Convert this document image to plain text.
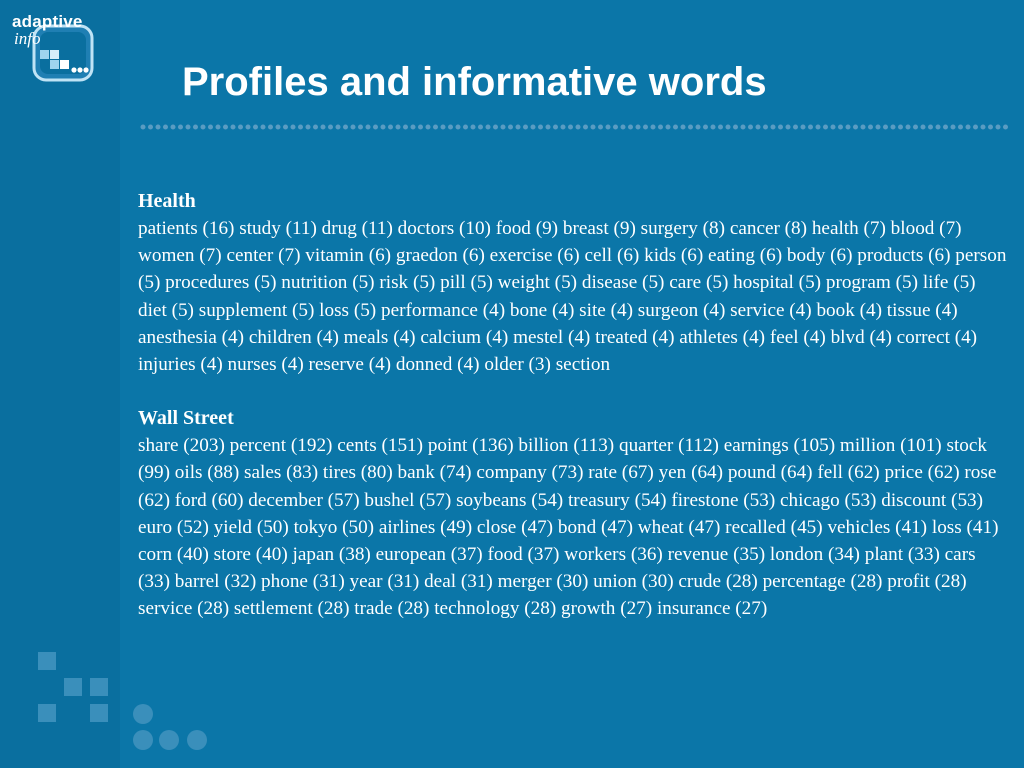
adaptive
info
Profiles and informative words

Health

patients (16) study (11) drug (11) doctors (10) food (9) breast (9) surgery (8) cancer (8) health (7) blood (7) women (7) center (7) vitamin (6) graedon (6) exercise (6) cell (6) kids (6) eating (6) body (6) products (6) person (5) procedures (5) nutrition (5) risk (5) pill (5) weight (5) disease (5) care (5) hospital (5) program (5) life (5) diet (5) supplement (5) loss (5) performance (4) bone (4) site (4) surgeon (4) service (4) book (4) tissue (4) anesthesia (4) children (4) meals (4) calcium (4) mestel (4) treated (4) athletes (4) feel (4) blvd (4) correct (4) injuries (4) nurses (4) reserve (4) donned (4) older (3) section

Wall Street

share (203) percent (192) cents (151) point (136) billion (113) quarter (112) earnings (105) million (101) stock (99) oils (88) sales (83) tires (80) bank (74) company (73) rate (67) yen (64) pound (64) fell (62) price (62) rose (62) ford (60) december (57) bushel (57) soybeans (54) treasury (54) firestone (53) chicago (53) discount (53) euro (52) yield (50) tokyo (50) airlines (49) close (47) bond (47) wheat (47) recalled (45) vehicles (41) loss (41) corn (40) store (40) japan (38) european (37) food (37) workers (36) revenue (35) london (34) plant (33) cars (33) barrel (32) phone (31) year (31) deal (31) merger (30) union (30) crude (28) percentage (28) profit (28) service (28) settlement (28) trade (28) technology (28) growth (27) insurance (27)
